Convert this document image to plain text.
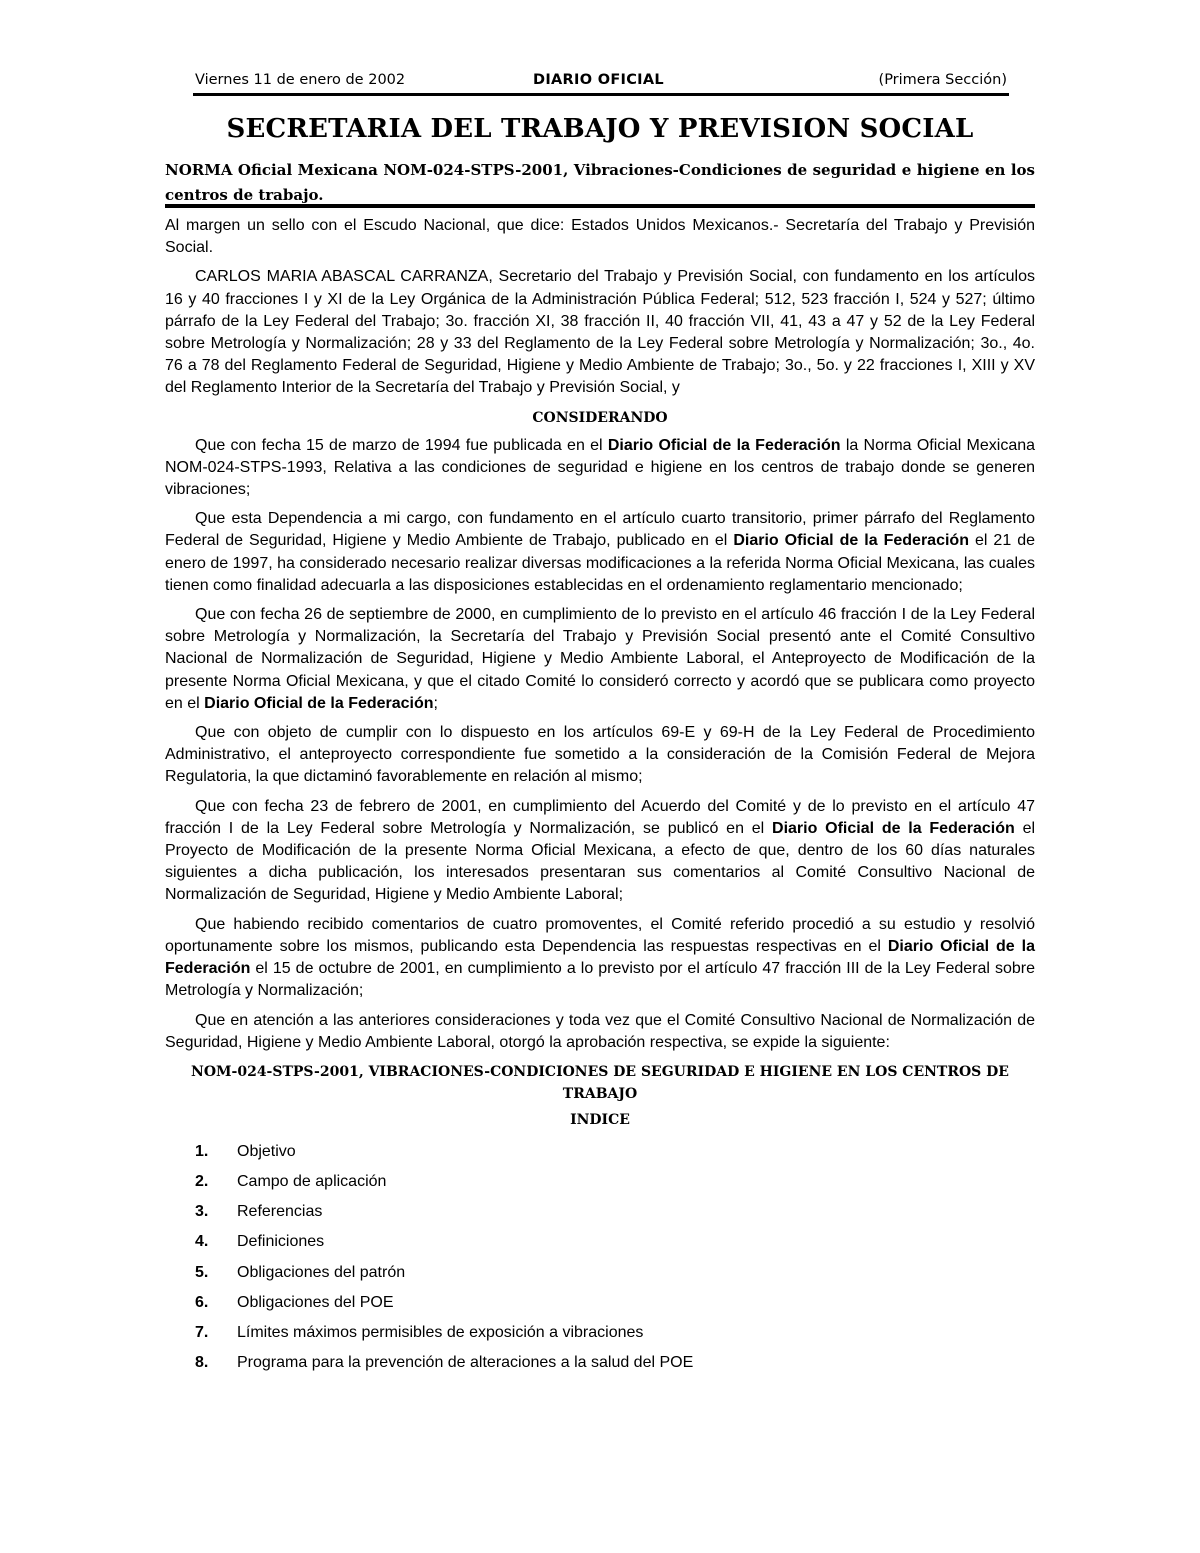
Viernes 11 de enero de 2002	DIARIO OFICIAL	(Primera Sección)
SECRETARIA DEL TRABAJO Y PREVISION SOCIAL
NORMA Oficial Mexicana NOM-024-STPS-2001, Vibraciones-Condiciones de seguridad e higiene en los centros de trabajo.

Al margen un sello con el Escudo Nacional, que dice: Estados Unidos Mexicanos.- Secretaría del Trabajo y Previsión Social.

CARLOS MARIA ABASCAL CARRANZA, Secretario del Trabajo y Previsión Social, con fundamento en los artículos 16 y 40 fracciones I y XI de la Ley Orgánica de la Administración Pública Federal; 512, 523 fracción I, 524 y 527; último párrafo de la Ley Federal del Trabajo; 3o. fracción XI, 38 fracción II, 40 fracción VII, 41, 43 a 47 y 52 de la Ley Federal sobre Metrología y Normalización; 28 y 33 del Reglamento de la Ley Federal sobre Metrología y Normalización; 3o., 4o. 76 a 78 del Reglamento Federal de Seguridad, Higiene y Medio Ambiente de Trabajo; 3o., 5o. y 22 fracciones I, XIII y XV del Reglamento Interior de la Secretaría del Trabajo y Previsión Social, y

CONSIDERANDO

Que con fecha 15 de marzo de 1994 fue publicada en el Diario Oficial de la Federación la Norma Oficial Mexicana NOM-024-STPS-1993, Relativa a las condiciones de seguridad e higiene en los centros de trabajo donde se generen vibraciones;

Que esta Dependencia a mi cargo, con fundamento en el artículo cuarto transitorio, primer párrafo del Reglamento Federal de Seguridad, Higiene y Medio Ambiente de Trabajo, publicado en el Diario Oficial de la Federación el 21 de enero de 1997, ha considerado necesario realizar diversas modificaciones a la referida Norma Oficial Mexicana, las cuales tienen como finalidad adecuarla a las disposiciones establecidas en el ordenamiento reglamentario mencionado;

Que con fecha 26 de septiembre de 2000, en cumplimiento de lo previsto en el artículo 46 fracción I de la Ley Federal sobre Metrología y Normalización, la Secretaría del Trabajo y Previsión Social presentó ante el Comité Consultivo Nacional de Normalización de Seguridad, Higiene y Medio Ambiente Laboral, el Anteproyecto de Modificación de la presente Norma Oficial Mexicana, y que el citado Comité lo consideró correcto y acordó que se publicara como proyecto en el Diario Oficial de la Federación;

Que con objeto de cumplir con lo dispuesto en los artículos 69-E y 69-H de la Ley Federal de Procedimiento Administrativo, el anteproyecto correspondiente fue sometido a la consideración de la Comisión Federal de Mejora Regulatoria, la que dictaminó favorablemente en relación al mismo;

Que con fecha 23 de febrero de 2001, en cumplimiento del Acuerdo del Comité y de lo previsto en el artículo 47 fracción I de la Ley Federal sobre Metrología y Normalización, se publicó en el Diario Oficial de la Federación el Proyecto de Modificación de la presente Norma Oficial Mexicana, a efecto de que, dentro de los 60 días naturales siguientes a dicha publicación, los interesados presentaran sus comentarios al Comité Consultivo Nacional de Normalización de Seguridad, Higiene y Medio Ambiente Laboral;

Que habiendo recibido comentarios de cuatro promoventes, el Comité referido procedió a su estudio y resolvió oportunamente sobre los mismos, publicando esta Dependencia las respuestas respectivas en el Diario Oficial de la Federación el 15 de octubre de 2001, en cumplimiento a lo previsto por el artículo 47 fracción III de la Ley Federal sobre Metrología y Normalización;

Que en atención a las anteriores consideraciones y toda vez que el Comité Consultivo Nacional de Normalización de Seguridad, Higiene y Medio Ambiente Laboral, otorgó la aprobación respectiva, se expide la siguiente:

NOM-024-STPS-2001, VIBRACIONES-CONDICIONES DE SEGURIDAD E HIGIENE EN LOS CENTROS DE TRABAJO
INDICE
1. Objetivo
2. Campo de aplicación
3. Referencias
4. Definiciones
5. Obligaciones del patrón
6. Obligaciones del POE
7. Límites máximos permisibles de exposición a vibraciones
8. Programa para la prevención de alteraciones a la salud del POE
